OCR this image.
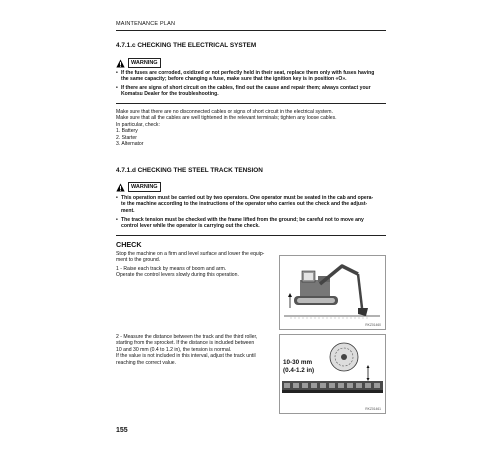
MAINTENANCE PLAN
4.7.1.c CHECKING THE ELECTRICAL SYSTEM
WARNING
• If the fuses are corroded, oxidized or not perfectly held in their seat, replace them only with fuses having
the same capacity; before changing a fuse, make sure that the ignition key is in position «O».
• If there are signs of short circuit on the cables, find out the cause and repair them; always contact your
Komatsu Dealer for the troubleshooting.
Make sure that there are no disconnected cables or signs of short circuit in the electrical system.
Make sure that all the cables are well tightened in the relevant terminals; tighten any loose cables.
In particular, check:
1. Battery
2. Starter
3. Alternator
4.7.1.d CHECKING THE STEEL TRACK TENSION
WARNING
• This operation must be carried out by two operators. One operator must be seated in the cab and opera-
te the machine according to the instructions of the operator who carries out the check and the adjust-
ment.
• The track tension must be checked with the frame lifted from the ground; be careful not to move any
control lever while the operator is carrying out the check.
CHECK
Stop the machine on a firm and level surface and lower the equip-
ment to the ground.
1 - Raise each track by means of boom and arm.
Operate the control levers slowly during this operation.
RKZ01460
2 - Measure the distance between the track and the third roller,
starting from the sprocket. If the distance is included between
10 and 30 mm (0.4 to 1.2 in), the tension is normal.
If the value is not included in this interval, adjust the track until
reaching the correct value.	10-30 mm
(0.4-1.2 in)
RKZ01461
155
